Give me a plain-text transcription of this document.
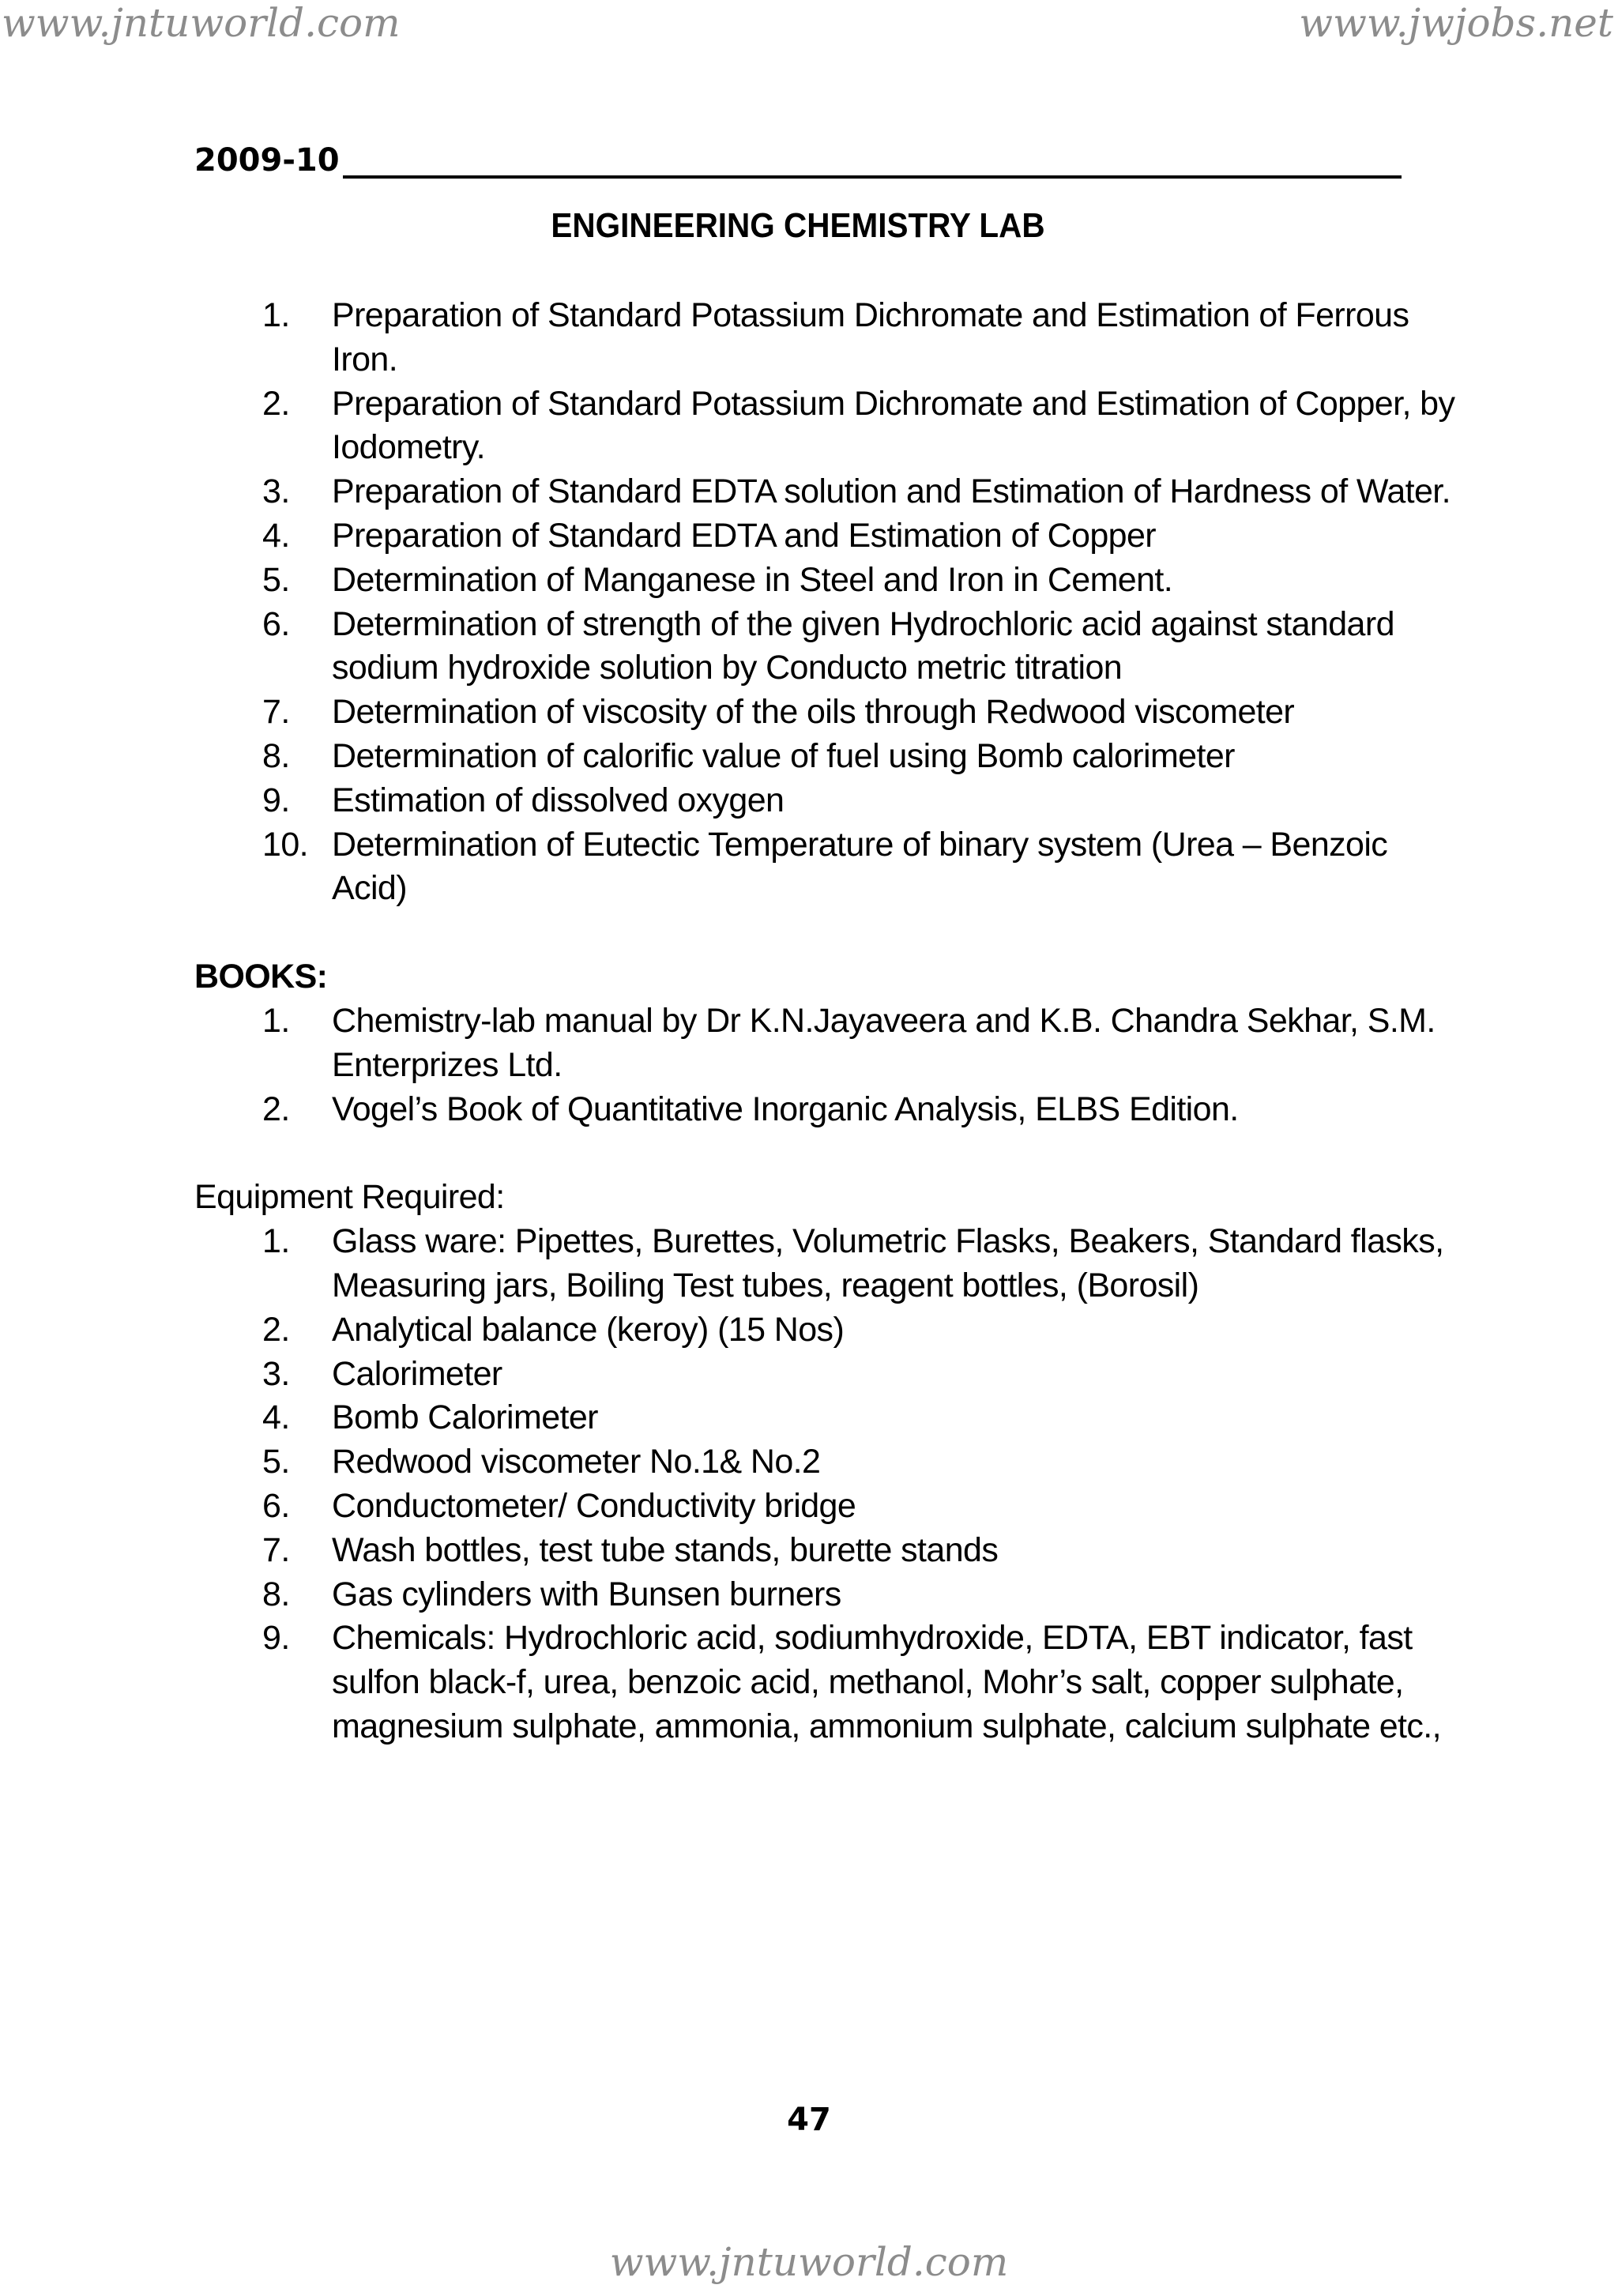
www.jntuworld.com	www.jwjobs.net
2009-10
ENGINEERING CHEMISTRY LAB
1. Preparation of Standard Potassium Dichromate and Estimation of Ferrous Iron.
2. Preparation of Standard Potassium Dichromate and Estimation of Copper, by Iodometry.
3. Preparation of Standard EDTA solution and Estimation of Hardness of Water.
4. Preparation of Standard EDTA and Estimation of Copper
5. Determination of Manganese in Steel and Iron in Cement.
6. Determination of strength of the given Hydrochloric acid against standard sodium hydroxide solution by Conducto metric titration
7. Determination of viscosity of the oils through Redwood viscometer
8. Determination of calorific value of fuel using Bomb calorimeter
9. Estimation of dissolved oxygen
10. Determination of Eutectic Temperature of binary system (Urea – Benzoic Acid)
BOOKS:
1. Chemistry-lab manual by Dr K.N.Jayaveera and K.B. Chandra Sekhar, S.M. Enterprizes Ltd.
2. Vogel’s Book of Quantitative Inorganic Analysis, ELBS Edition.
Equipment Required:
1. Glass ware: Pipettes, Burettes, Volumetric Flasks, Beakers, Standard flasks, Measuring jars, Boiling Test tubes, reagent bottles, (Borosil)
2. Analytical balance (keroy) (15 Nos)
3. Calorimeter
4. Bomb Calorimeter
5. Redwood viscometer No.1& No.2
6. Conductometer/ Conductivity bridge
7. Wash bottles, test tube stands, burette stands
8. Gas cylinders with Bunsen burners
9. Chemicals: Hydrochloric acid, sodiumhydroxide, EDTA, EBT indicator, fast sulfon black-f, urea, benzoic acid, methanol, Mohr’s salt, copper sulphate, magnesium sulphate, ammonia, ammonium sulphate, calcium sulphate etc.,
47
www.jntuworld.com
